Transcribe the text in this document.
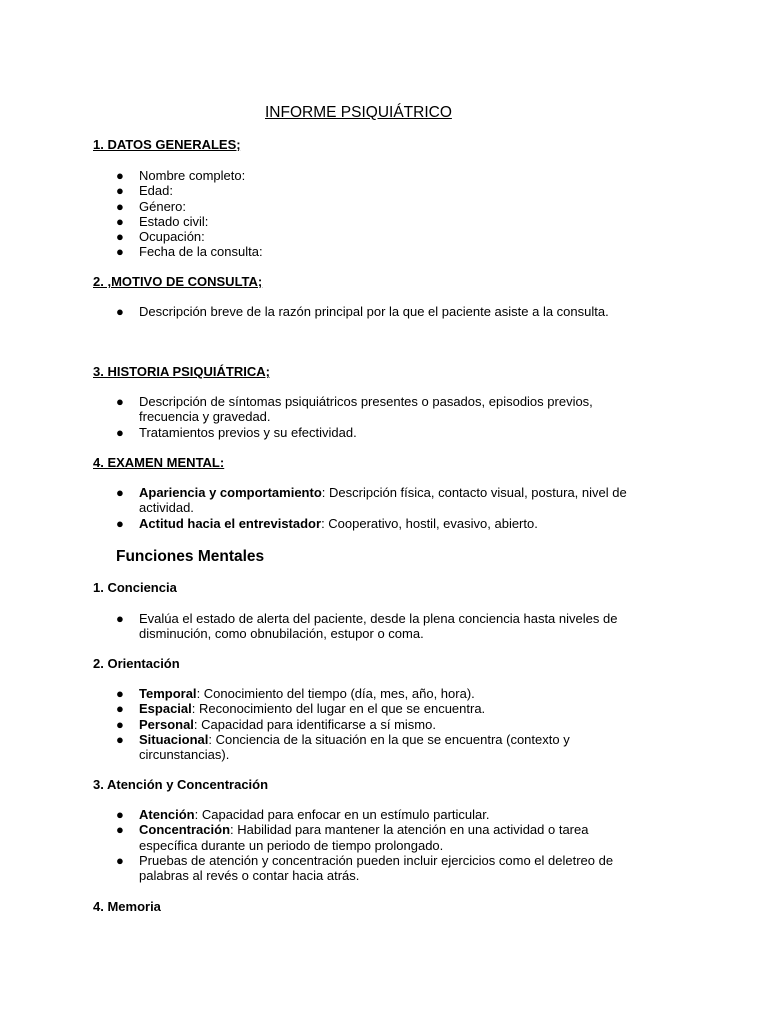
INFORME PSIQUIÁTRICO
1. DATOS GENERALES;
● Nombre completo:
● Edad:
● Género:
● Estado civil:
● Ocupación:
● Fecha de la consulta:
2. ,MOTIVO DE CONSULTA;
● Descripción breve de la razón principal por la que el paciente asiste a la consulta.
3. HISTORIA PSIQUIÁTRICA;
● Descripción de síntomas psiquiátricos presentes o pasados, episodios previos,
frecuencia y gravedad.
● Tratamientos previos y su efectividad.
4. EXAMEN MENTAL:
● Apariencia y comportamiento: Descripción física, contacto visual, postura, nivel de
actividad.
● Actitud hacia el entrevistador: Cooperativo, hostil, evasivo, abierto.
Funciones Mentales
1. Conciencia
● Evalúa el estado de alerta del paciente, desde la plena conciencia hasta niveles de
disminución, como obnubilación, estupor o coma.
2. Orientación
● Temporal: Conocimiento del tiempo (día, mes, año, hora).
● Espacial: Reconocimiento del lugar en el que se encuentra.
● Personal: Capacidad para identificarse a sí mismo.
● Situacional: Conciencia de la situación en la que se encuentra (contexto y
circunstancias).
3. Atención y Concentración
● Atención: Capacidad para enfocar en un estímulo particular.
● Concentración: Habilidad para mantener la atención en una actividad o tarea
específica durante un periodo de tiempo prolongado.
● Pruebas de atención y concentración pueden incluir ejercicios como el deletreo de
palabras al revés o contar hacia atrás.
4. Memoria
